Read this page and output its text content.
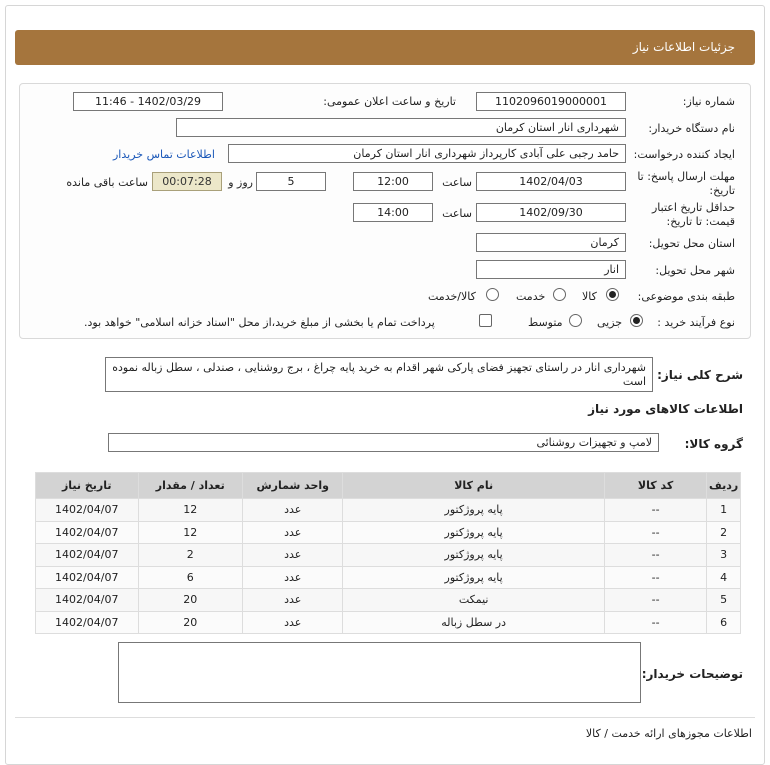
جزئیات اطلاعات نیاز
شماره نیاز:
1102096019000001
تاریخ و ساعت اعلان عمومی:
1402/03/29 - 11:46
نام دستگاه خریدار:
شهرداری انار استان کرمان
ایجاد کننده درخواست:
حامد رجبی علی آبادی کارپرداز شهرداری انار استان کرمان
اطلاعات تماس خریدار
مهلت ارسال پاسخ: تا
تاریخ:
1402/04/03
ساعت
12:00
5
روز و
00:07:28
ساعت باقی مانده
حداقل تاریخ اعتبار
قیمت: تا تاریخ:
1402/09/30
ساعت
14:00
استان محل تحویل:
کرمان
شهر محل تحویل:
انار
طبقه بندی موضوعی:
کالا
خدمت
کالا/خدمت
نوع فرآیند خرید :
جزیی
متوسط
پرداخت تمام یا بخشی از مبلغ خرید،از محل "اسناد خزانه اسلامی" خواهد بود.
شرح کلی نیاز:
شهرداری انار در راستای تجهیز فضای پارکی شهر اقدام به خرید پایه چراغ ، برج روشنایی ، صندلی ، سطل زباله نموده است
اطلاعات کالاهای مورد نیاز
گروه کالا:
لامپ و تجهیزات روشنائی
ردیف	کد کالا	نام کالا	واحد شمارش	تعداد / مقدار	تاریخ نیاز
1	--	پایه پروژکتور	عدد	12	1402/04/07
2	--	پایه پروژکتور	عدد	12	1402/04/07
3	--	پایه پروژکتور	عدد	2	1402/04/07
4	--	پایه پروژکتور	عدد	6	1402/04/07
5	--	نیمکت	عدد	20	1402/04/07
6	--	در سطل زباله	عدد	20	1402/04/07
توضیحات خریدار:
اطلاعات مجوزهای ارائه خدمت / کالا
